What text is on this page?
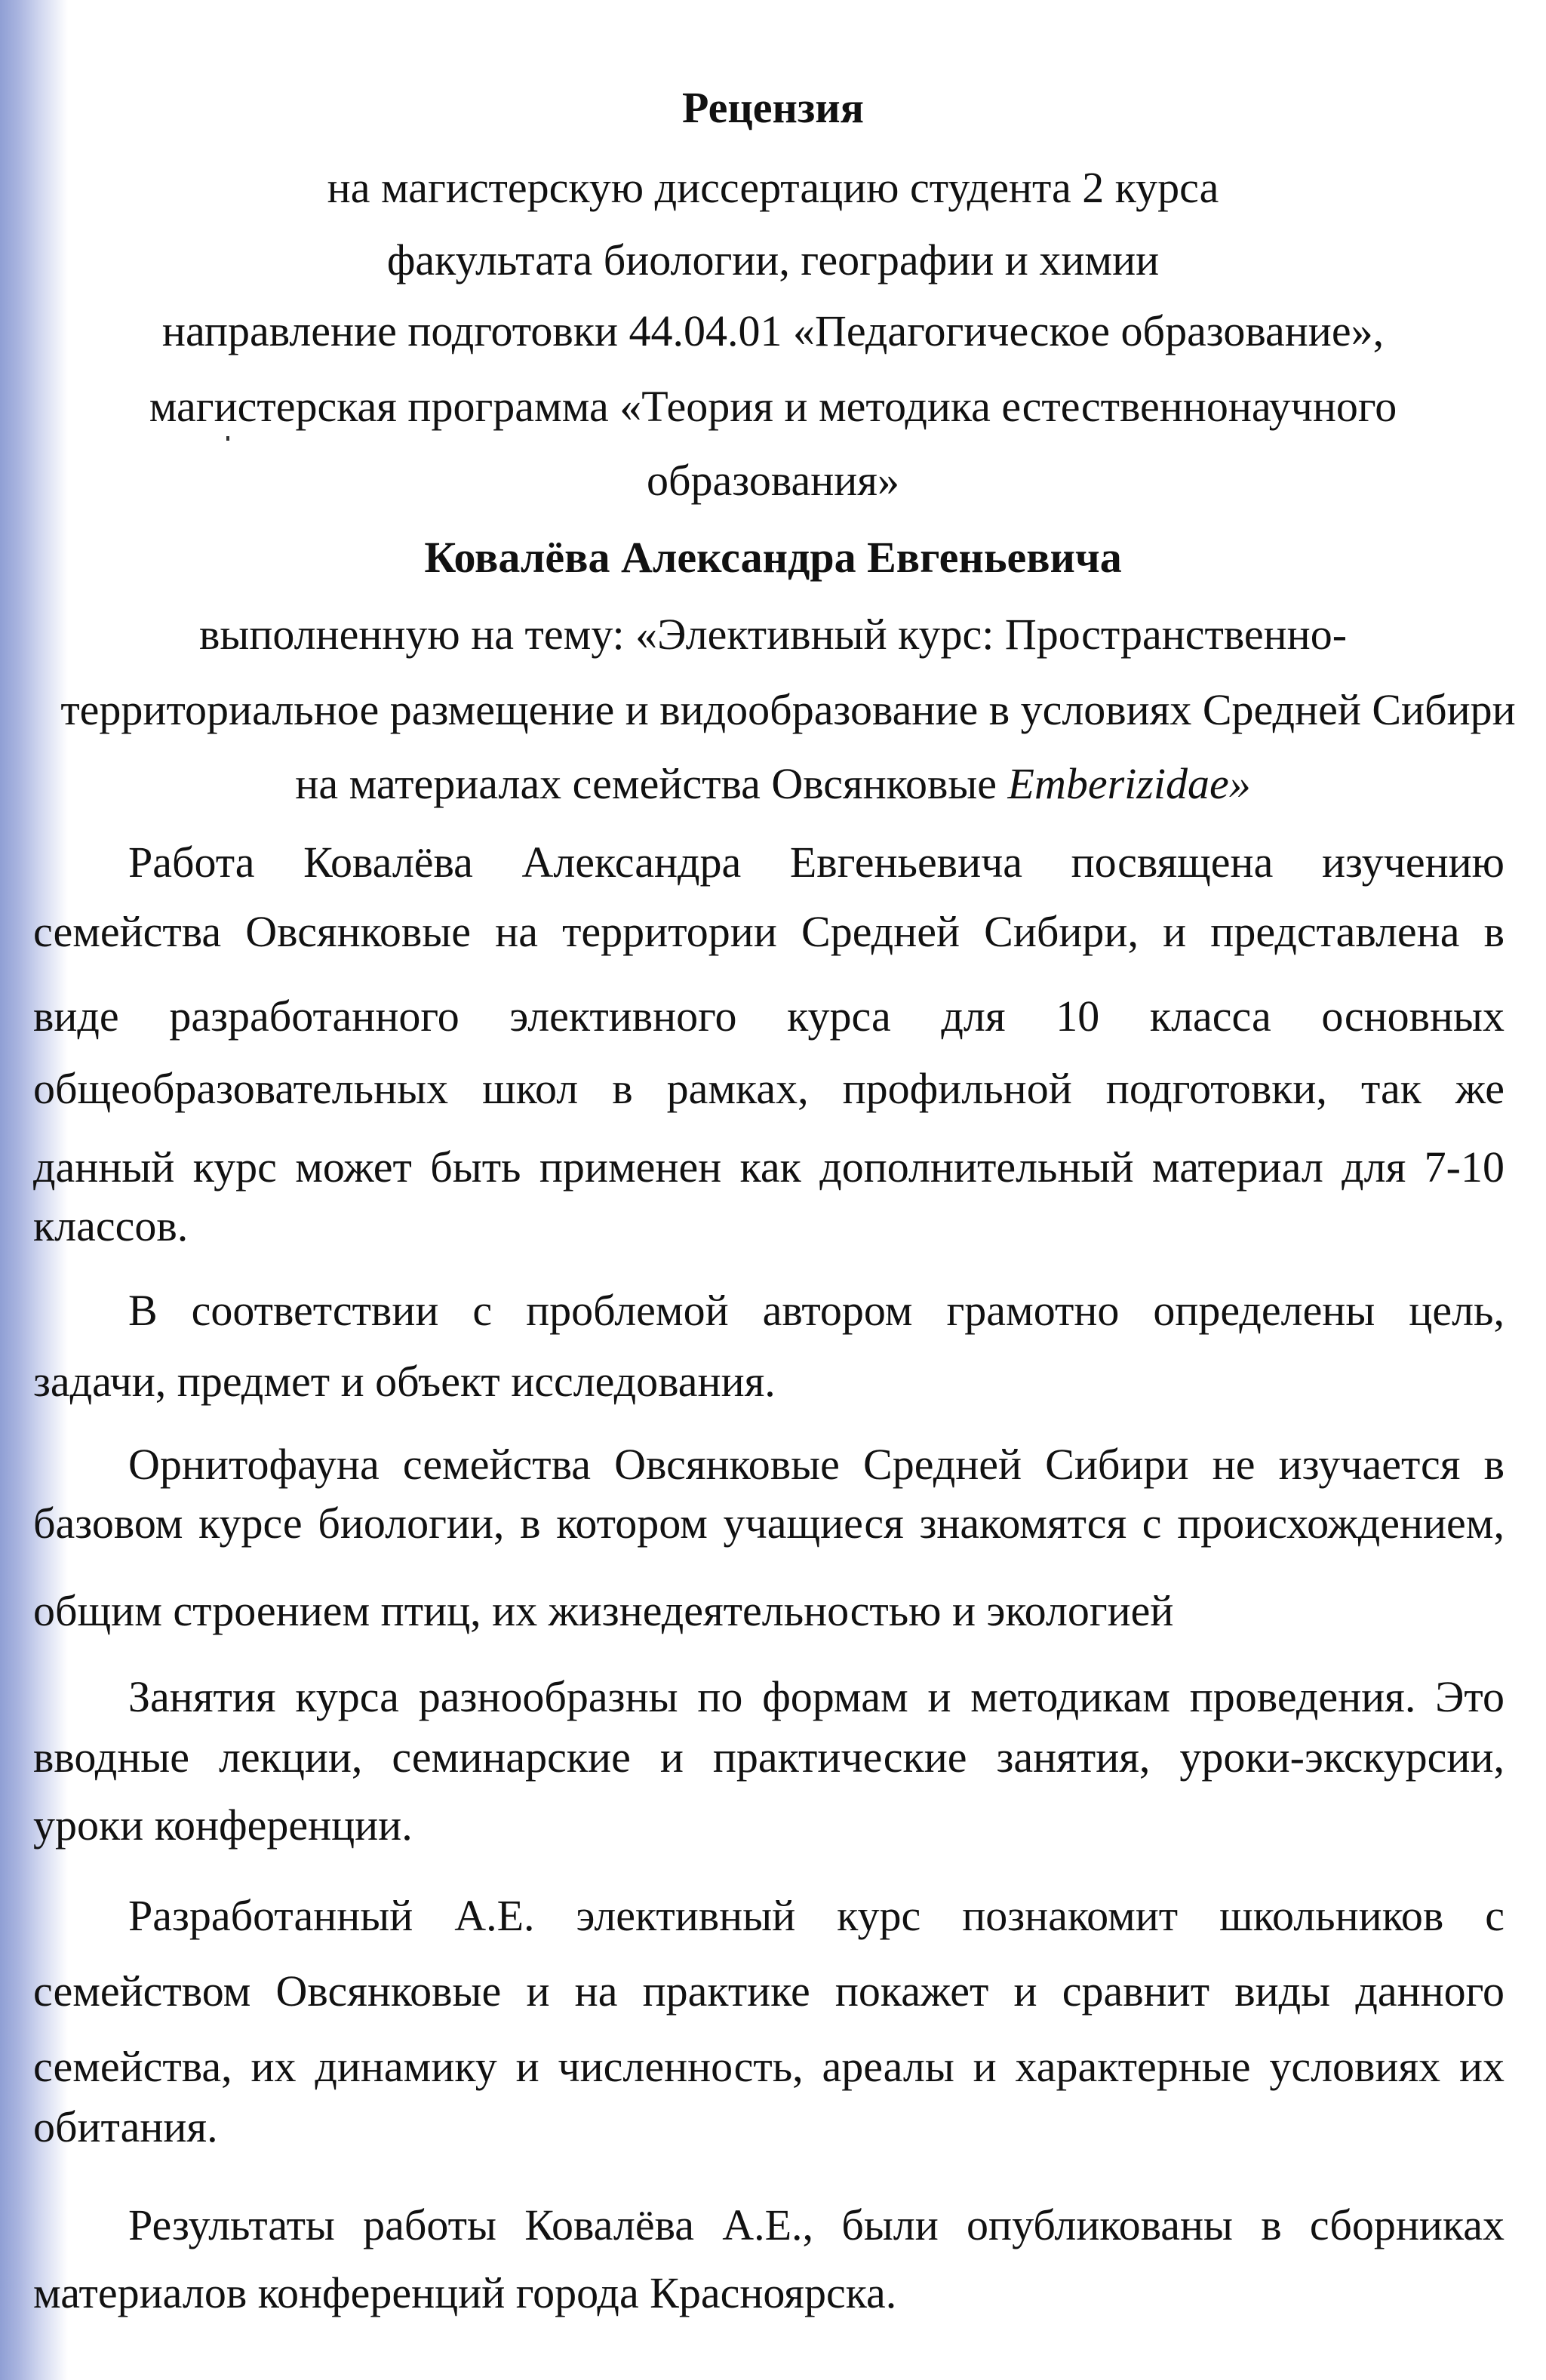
Рецензия
на магистерскую диссертацию студента 2 курса
факультата биологии, географии и химии
направление подготовки 44.04.01 «Педагогическое образование»,
магистерская программа «Теория и методика естественнонаучного
образования»
Ковалёва Александра Евгеньевича
выполненную на тему: «Элективный курс: Пространственно-
территориальное размещение и видообразование в условиях Средней Сибири
на материалах семейства Овсянковые Emberizidae»
Работа Ковалёва Александра Евгеньевича посвящена изучению
семейства Овсянковые на территории Средней Сибири, и представлена в
виде разработанного элективного курса для 10 класса основных
общеобразовательных школ в рамках, профильной подготовки, так же
данный курс может быть применен как дополнительный материал для 7-10
классов.
В соответствии с проблемой автором грамотно определены цель,
задачи, предмет и объект исследования.
Орнитофауна семейства Овсянковые Средней Сибири не изучается в
базовом курсе биологии, в котором учащиеся знакомятся с происхождением,
общим строением птиц, их жизнедеятельностью и экологией
Занятия курса разнообразны по формам и методикам проведения. Это
вводные лекции, семинарские и практические занятия, уроки-экскурсии,
уроки конференции.
Разработанный А.Е. элективный курс познакомит школьников с
семейством Овсянковые и на практике покажет и сравнит виды данного
семейства, их динамику и численность, ареалы и характерные условиях их
обитания.
Результаты работы Ковалёва А.Е., были опубликованы в сборниках
материалов конференций города Красноярска.
